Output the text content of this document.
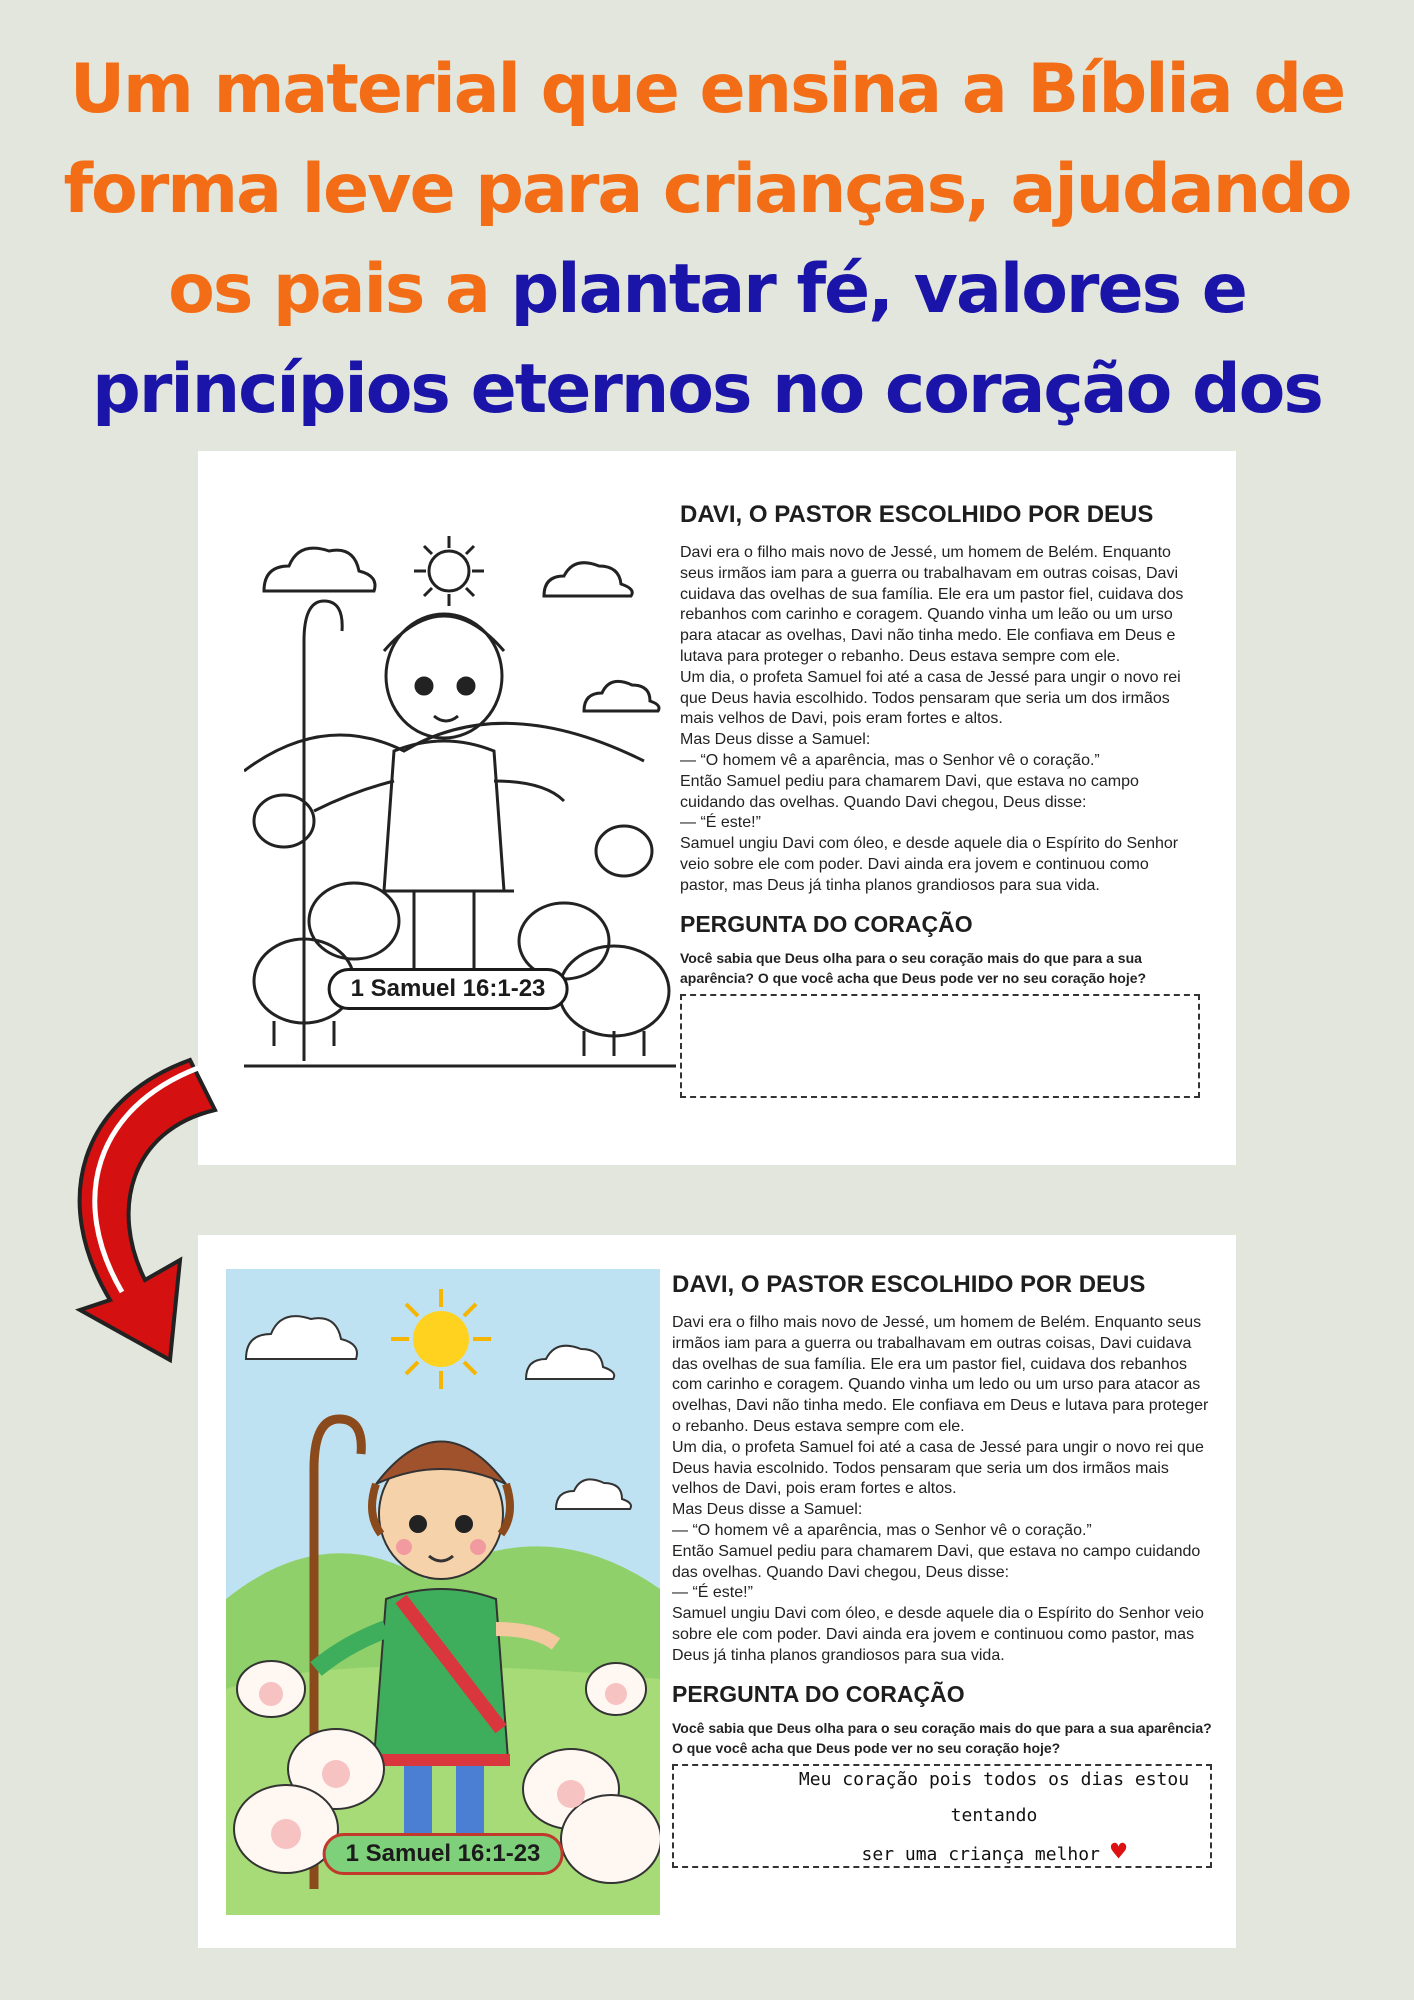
Um material que ensina a Bíblia de forma leve para crianças, ajudando os pais a plantar fé, valores e princípios eternos no coração dos
1 Samuel 16:1-23
DAVI, O PASTOR ESCOLHIDO POR DEUS

Davi era o filho mais novo de Jessé, um homem de Belém. Enquanto seus irmãos iam para a guerra ou trabalhavam em outras coisas, Davi cuidava das ovelhas de sua família. Ele era um pastor fiel, cuidava dos rebanhos com carinho e coragem. Quando vinha um leão ou um urso para atacar as ovelhas, Davi não tinha medo. Ele confiava em Deus e lutava para proteger o rebanho. Deus estava sempre com ele.

Um dia, o profeta Samuel foi até a casa de Jessé para ungir o novo rei que Deus havia escolhido. Todos pensaram que seria um dos irmãos mais velhos de Davi, pois eram fortes e altos.

Mas Deus disse a Samuel:

— “O homem vê a aparência, mas o Senhor vê o coração.”

Então Samuel pediu para chamarem Davi, que estava no campo cuidando das ovelhas. Quando Davi chegou, Deus disse:

— “É este!”

Samuel ungiu Davi com óleo, e desde aquele dia o Espírito do Senhor veio sobre ele com poder. Davi ainda era jovem e continuou como pastor, mas Deus já tinha planos grandiosos para sua vida.

PERGUNTA DO CORAÇÃO

Você sabia que Deus olha para o seu coração mais do que para a sua aparência? O que você acha que Deus pode ver no seu coração hoje?

1 Samuel 16:1-23
DAVI, O PASTOR ESCOLHIDO POR DEUS

Davi era o filho mais novo de Jessé, um homem de Belém. Enquanto seus irmãos iam para a guerra ou trabalhavam em outras coisas, Davi cuidava das ovelhas de sua família. Ele era um pastor fiel, cuidava dos rebanhos com carinho e coragem. Quando vinha um ledo ou um urso para atacor as ovelhas, Davi não tinha medo. Ele confiava em Deus e lutava para proteger o rebanho. Deus estava sempre com ele.

Um dia, o profeta Samuel foi até a casa de Jessé para ungir o novo rei que Deus havia escolnido. Todos pensaram que seria um dos irmãos mais velhos de Davi, pois eram fortes e altos.

Mas Deus disse a Samuel:

— “O homem vê a aparência, mas o Senhor vê o coração.”

Então Samuel pediu para chamarem Davi, que estava no campo cuidando das ovelhas. Quando Davi chegou, Deus disse:

— “É este!”

Samuel ungiu Davi com óleo, e desde aquele dia o Espírito do Senhor veio sobre ele com poder. Davi ainda era jovem e continuou como pastor, mas Deus já tinha planos grandiosos para sua vida.

PERGUNTA DO CORAÇÃO

Você sabia que Deus olha para o seu coração mais do que para a sua aparência? O que você acha que Deus pode ver no seu coração hoje?

Meu coração pois todos os dias estou tentando
ser uma criança melhor ♥
